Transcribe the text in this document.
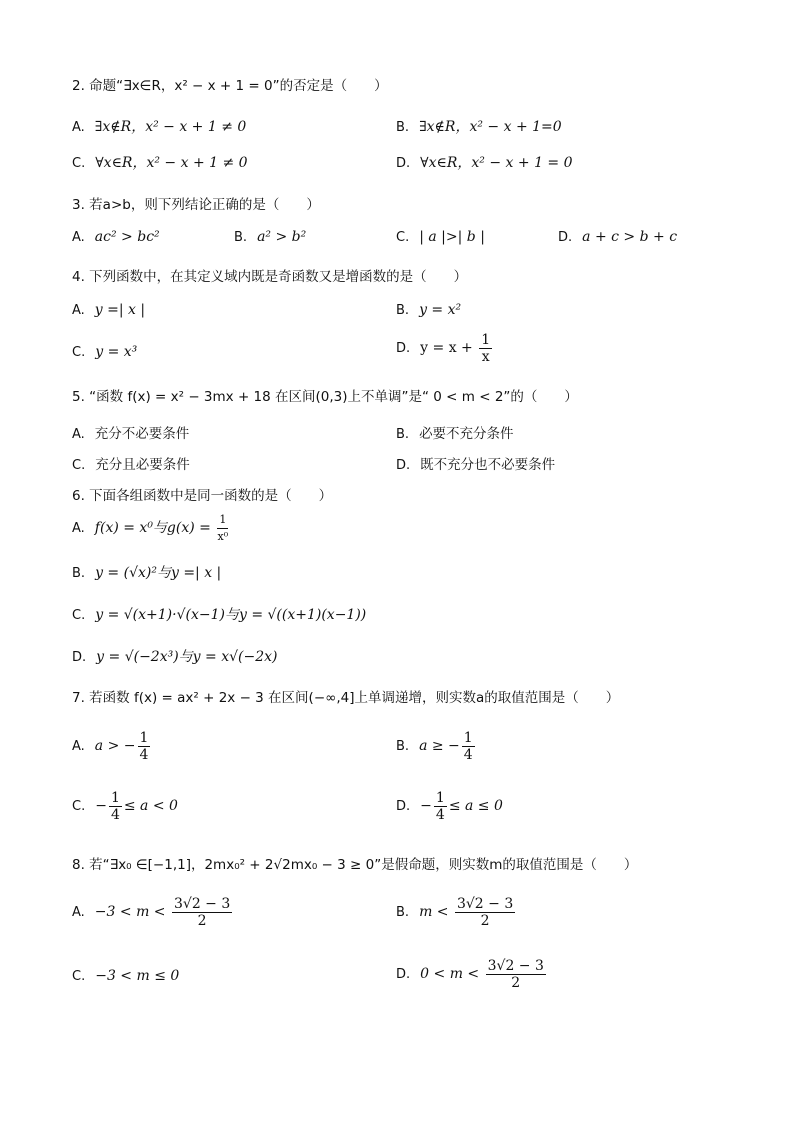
2. 命题“∃x∈R，x² − x + 1 = 0”的否定是（　　）
A. ∃x∉R，x² − x + 1 ≠ 0	B. ∃x∉R，x² − x + 1=0
C. ∀x∈R，x² − x + 1 ≠ 0	D. ∀x∈R，x² − x + 1 = 0
3. 若a>b，则下列结论正确的是（　　）
A. ac² > bc²	B. a² > b²	C. | a |>| b |	D. a + c > b + c
4. 下列函数中，在其定义域内既是奇函数又是增函数的是（　　）
A. y =| x |	B. y = x²
C. y = x³	D. $y = x + \frac{1}{x}$
5. “函数 f(x) = x² − 3mx + 18 在区间(0,3)上不单调”是“ 0 < m < 2”的（　　）
A. 充分不必要条件	B. 必要不充分条件
C. 充分且必要条件	D. 既不充分也不必要条件
6. 下面各组函数中是同一函数的是（　　）
A. f(x) = x⁰与$g(x) = \frac{1}{\text{x⁰}}$
B. y = (√x)²与y =| x |
C. y = √(x+1)·√(x−1)与y = √((x+1)(x−1))
D. y = √(−2x³)与y = x√(−2x)
7. 若函数 f(x) = ax² + 2x − 3 在区间(−∞,4]上单调递增，则实数a的取值范围是（　　）
A. a > − $\frac{1}{4}$	B. a ≥ − $\frac{1}{4}$
C. − $\frac{1}{4} \le a < 0$	D. − $\frac{1}{4} \le a \le 0$
8. 若“∃x₀ ∈[−1,1]，2mx₀² + 2√2mx₀ − 3 ≥ 0”是假命题，则实数m的取值范围是（　　）
A. $-3 < m < \frac{3√2 - 3}{2}$	B. $m < \frac{3√2 - 3}{2}$
C. −3 < m ≤ 0	D. $0 < m < \frac{3√2 - 3}{2}$
